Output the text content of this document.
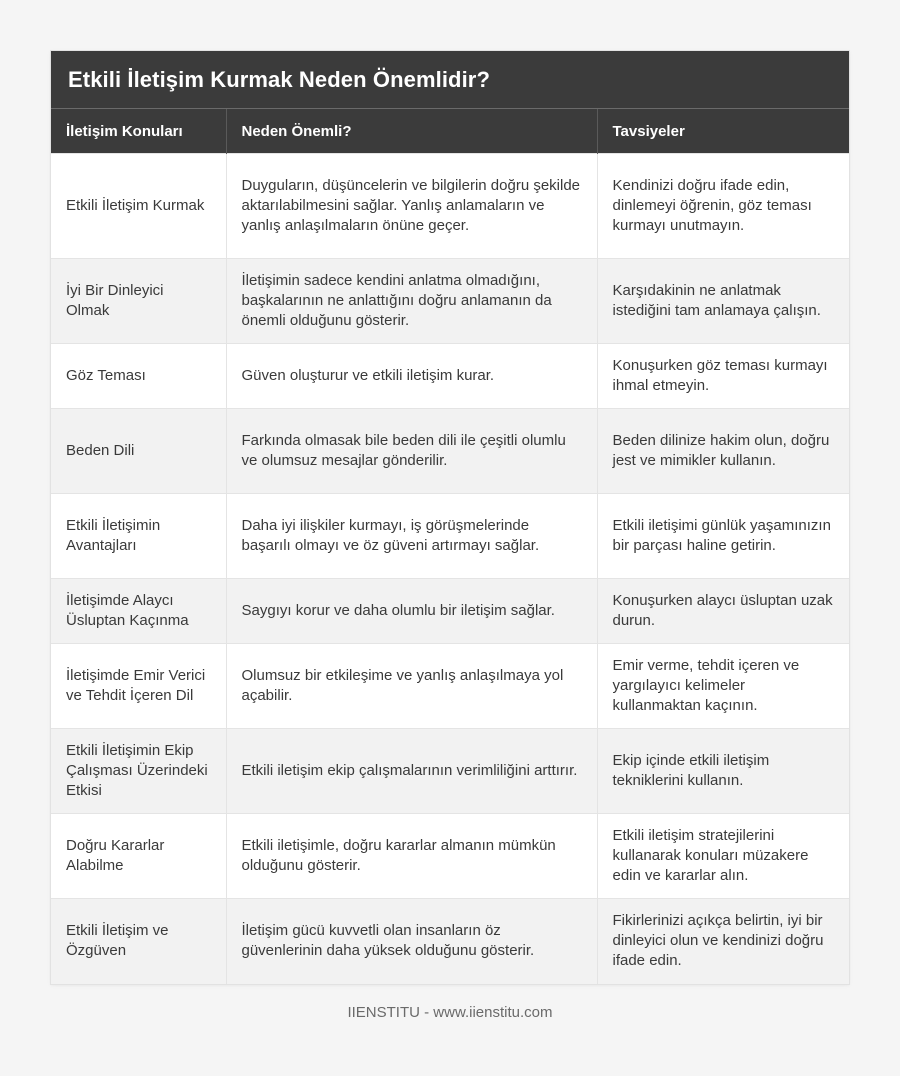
Etkili İletişim Kurmak Neden Önemlidir?
İletişim Konuları	Neden Önemli?	Tavsiyeler
Etkili İletişim Kurmak	Duyguların, düşüncelerin ve bilgilerin doğru şekilde aktarılabilmesini sağlar. Yanlış anlamaların ve yanlış anlaşılmaların önüne geçer.	Kendinizi doğru ifade edin, dinlemeyi öğrenin, göz teması kurmayı unutmayın.
İyi Bir Dinleyici Olmak	İletişimin sadece kendini anlatma olmadığını, başkalarının ne anlattığını doğru anlamanın da önemli olduğunu gösterir.	Karşıdakinin ne anlatmak istediğini tam anlamaya çalışın.
Göz Teması	Güven oluşturur ve etkili iletişim kurar.	Konuşurken göz teması kurmayı ihmal etmeyin.
Beden Dili	Farkında olmasak bile beden dili ile çeşitli olumlu ve olumsuz mesajlar gönderilir.	Beden dilinize hakim olun, doğru jest ve mimikler kullanın.
Etkili İletişimin Avantajları	Daha iyi ilişkiler kurmayı, iş görüşmelerinde başarılı olmayı ve öz güveni artırmayı sağlar.	Etkili iletişimi günlük yaşamınızın bir parçası haline getirin.
İletişimde Alaycı Üsluptan Kaçınma	Saygıyı korur ve daha olumlu bir iletişim sağlar.	Konuşurken alaycı üsluptan uzak durun.
İletişimde Emir Verici ve Tehdit İçeren Dil	Olumsuz bir etkileşime ve yanlış anlaşılmaya yol açabilir.	Emir verme, tehdit içeren ve yargılayıcı kelimeler kullanmaktan kaçının.
Etkili İletişimin Ekip Çalışması Üzerindeki Etkisi	Etkili iletişim ekip çalışmalarının verimliliğini arttırır.	Ekip içinde etkili iletişim tekniklerini kullanın.
Doğru Kararlar Alabilme	Etkili iletişimle, doğru kararlar almanın mümkün olduğunu gösterir.	Etkili iletişim stratejilerini kullanarak konuları müzakere edin ve kararlar alın.
Etkili İletişim ve Özgüven	İletişim gücü kuvvetli olan insanların öz güvenlerinin daha yüksek olduğunu gösterir.	Fikirlerinizi açıkça belirtin, iyi bir dinleyici olun ve kendinizi doğru ifade edin.
IIENSTITU - www.iienstitu.com
